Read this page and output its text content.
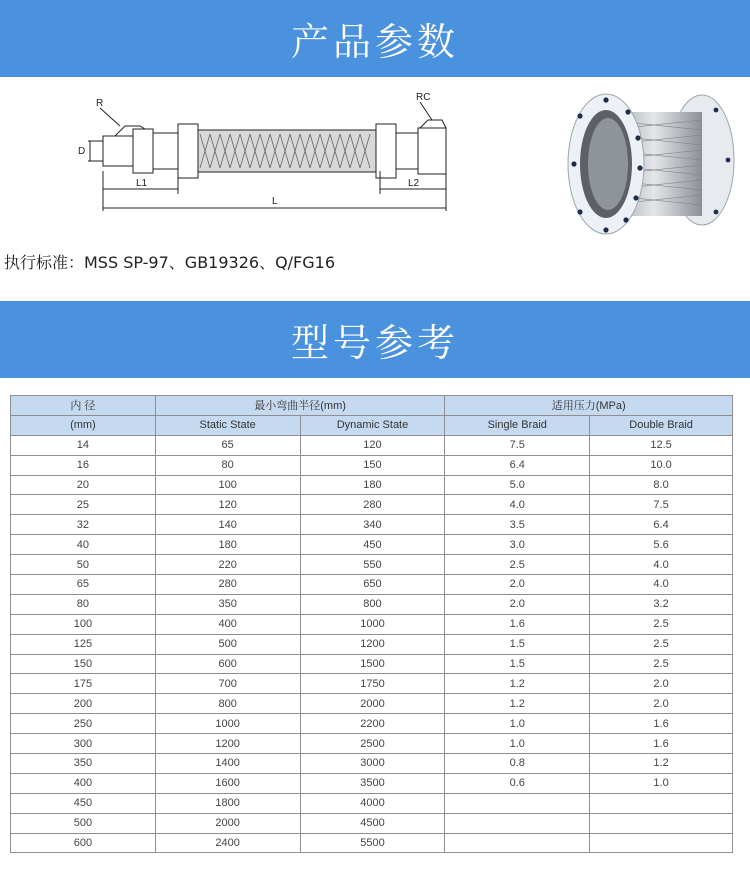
产品参数
R
RC
D
L1	L2
L
执行标准：MSS SP-97、GB19326、Q/FG16
型号参考
内 径	最小弯曲半径(mm)		适用压力(MPa)	
(mm)	Static State	Dynamic State	Single Braid	Double Braid
14	65	120	7.5	12.5
16	80	150	6.4	10.0
20	100	180	5.0	8.0
25	120	280	4.0	7.5
32	140	340	3.5	6.4
40	180	450	3.0	5.6
50	220	550	2.5	4.0
65	280	650	2.0	4.0
80	350	800	2.0	3.2
100	400	1000	1.6	2.5
125	500	1200	1.5	2.5
150	600	1500	1.5	2.5
175	700	1750	1.2	2.0
200	800	2000	1.2	2.0
250	1000	2200	1.0	1.6
300	1200	2500	1.0	1.6
350	1400	3000	0.8	1.2
400	1600	3500	0.6	1.0
450	1800	4000		
500	2000	4500		
600	2400	5500		
